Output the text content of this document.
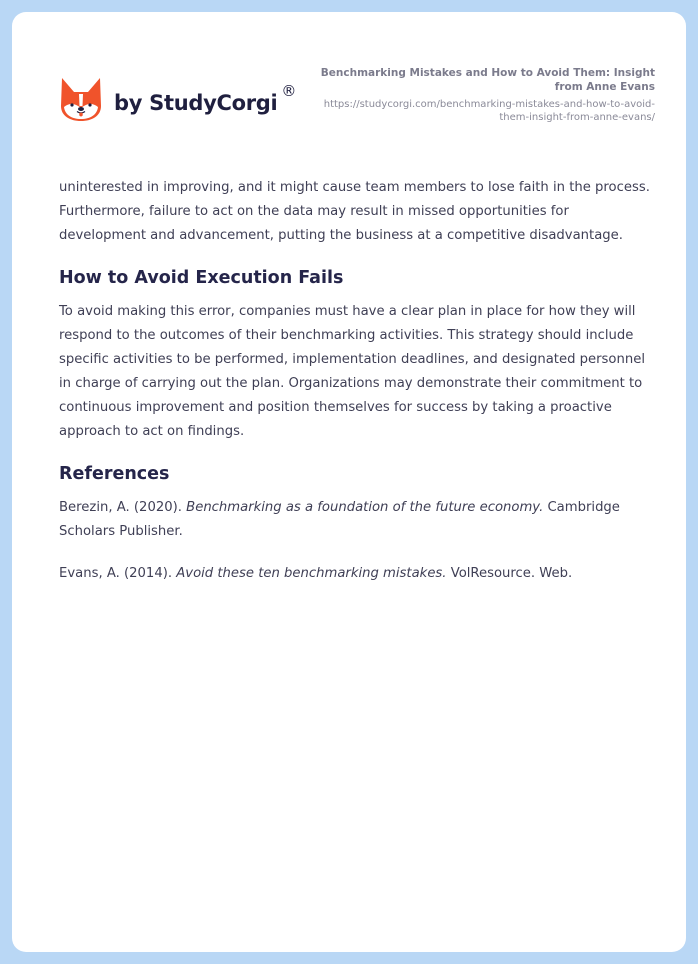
by StudyCorgi ®
Benchmarking Mistakes and How to Avoid Them: Insight from Anne Evans
https://studycorgi.com/benchmarking-mistakes-and-how-to-avoid-them-insight-from-anne-evans/

uninterested in improving, and it might cause team members to lose faith in the process. Furthermore, failure to act on the data may result in missed opportunities for development and advancement, putting the business at a competitive disadvantage.

How to Avoid Execution Fails

To avoid making this error, companies must have a clear plan in place for how they will respond to the outcomes of their benchmarking activities. This strategy should include specific activities to be performed, implementation deadlines, and designated personnel in charge of carrying out the plan. Organizations may demonstrate their commitment to continuous improvement and position themselves for success by taking a proactive approach to act on findings.

References

Berezin, A. (2020). Benchmarking as a foundation of the future economy. Cambridge Scholars Publisher.

Evans, A. (2014). Avoid these ten benchmarking mistakes. VolResource. Web.
